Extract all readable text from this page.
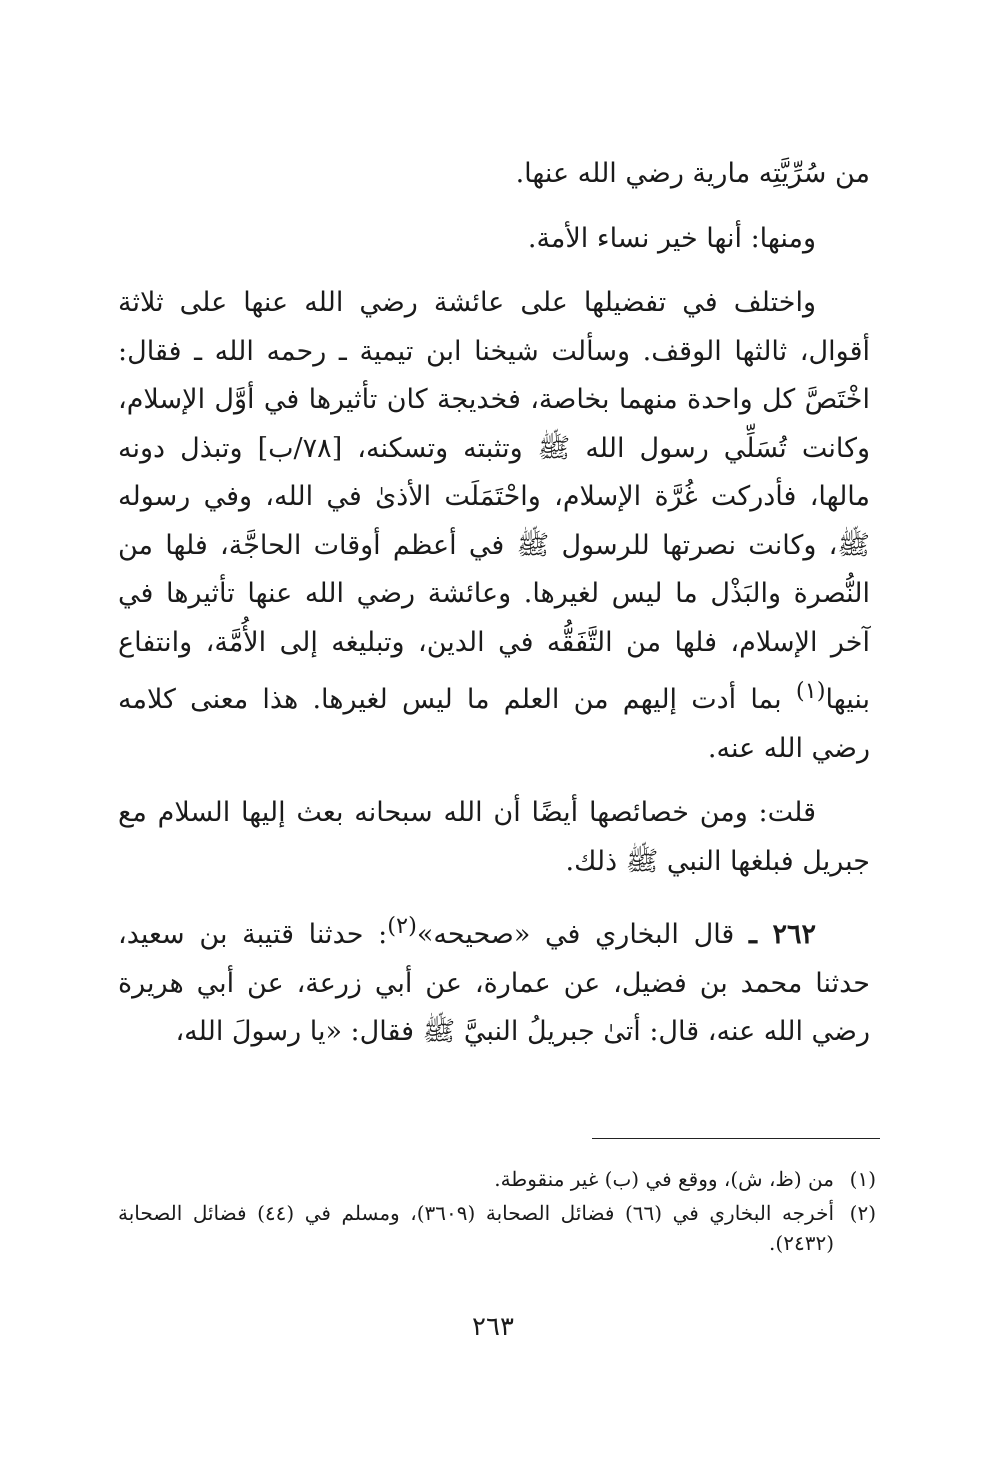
من سُرِّيَّتِه مارية رضي الله عنها.

ومنها: أنها خير نساء الأمة.

واختلف في تفضيلها على عائشة رضي الله عنها على ثلاثة أقوال، ثالثها الوقف. وسألت شيخنا ابن تيمية ـ رحمه الله ـ فقال: اخْتَصَّ كل واحدة منهما بخاصة، فخديجة كان تأثيرها في أوَّل الإسلام، وكانت تُسَلِّي رسول الله ﷺ وتثبته وتسكنه، [٧٨/ب] وتبذل دونه مالها، فأدركت غُرَّة الإسلام، واحْتَمَلَت الأذىٰ في الله، وفي رسوله ﷺ، وكانت نصرتها للرسول ﷺ في أعظم أوقات الحاجَّة، فلها من النُّصرة والبَذْل ما ليس لغيرها. وعائشة رضي الله عنها تأثيرها في آخر الإسلام، فلها من التَّفَقُّه في الدين، وتبليغه إلى الأُمَّة، وانتفاع بنيها$^{(١)}$ بما أدت إليهم من العلم ما ليس لغيرها. هذا معنى كلامه رضي الله عنه.

قلت: ومن خصائصها أيضًا أن الله سبحانه بعث إليها السلام مع جبريل فبلغها النبي ﷺ ذلك.

٢٦٢ ـ قال البخاري في «صحيحه»$^{(٢)}$: حدثنا قتيبة بن سعيد، حدثنا محمد بن فضيل، عن عمارة، عن أبي زرعة، عن أبي هريرة رضي الله عنه، قال: أتىٰ جبريلُ النبيَّ ﷺ فقال: «يا رسولَ الله،

(١)
من (ظ، ش)، ووقع في (ب) غير منقوطة.
(٢)
أخرجه البخاري في (٦٦) فضائل الصحابة (٣٦٠٩)، ومسلم في (٤٤) فضائل الصحابة (٢٤٣٢).
٢٦٣
